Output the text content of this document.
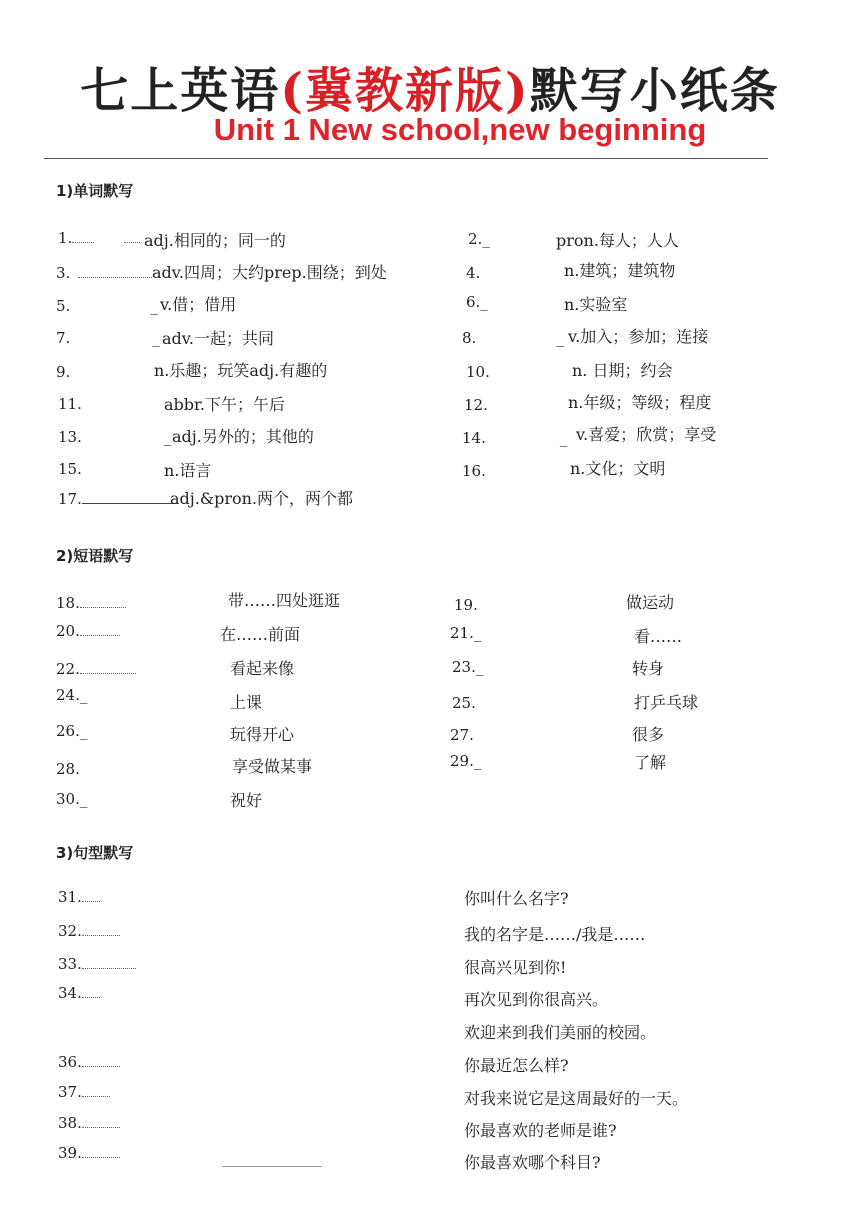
七上英语(冀教新版)默写小纸条
Unit 1 New school,new beginning
1)单词默写
1.	adj.相同的；同一的	2._	pron.每人；人人
3.	adv.四周；大约prep.围绕；到处	4.	n.建筑；建筑物
5.	_ v.借；借用	6._	n.实验室
7.	_ adv.一起；共同	8.	_ v.加入；参加；连接
9.	n.乐趣；玩笑adj.有趣的	10.	n. 日期；约会
11.	abbr.下午；午后	12.	n.年级；等级；程度
13.	_ adj.另外的；其他的	14.	_ v.喜爱；欣赏；享受
15.	n.语言	16.	n.文化；文明
17.	adj.&pron.两个，两个都
2)短语默写
18.	带……四处逛逛	19.	做运动
20.	在……前面	21._	看……
22.	看起来像	23._	转身
24._	上课	25.	打乒乓球
26._	玩得开心	27.	很多
28.	享受做某事	29._	了解
30._	祝好
3)句型默写
31.	你叫什么名字?
32.	我的名字是……/我是……
33.	很高兴见到你!
34.	再次见到你很高兴。
欢迎来到我们美丽的校园。
36.	你最近怎么样?
37.	对我来说它是这周最好的一天。
38.	你最喜欢的老师是谁?
39.	你最喜欢哪个科目?
